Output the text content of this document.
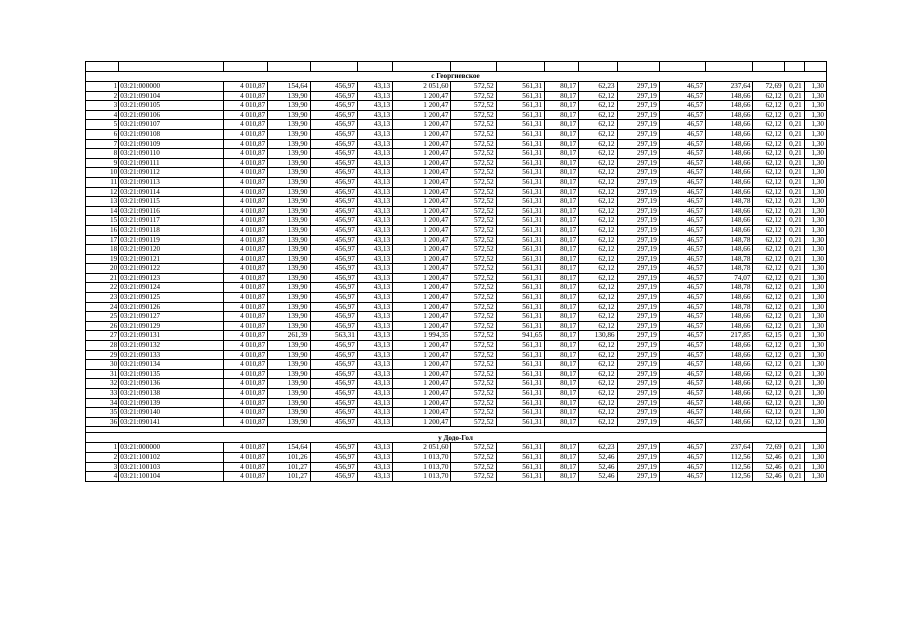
с Георгиевское																
1	03:21:000000	4 010,87	154,64	456,97	43,13	2 051,60	572,52	561,31	80,17	62,23	297,19	46,57	237,64	72,69	0,21	1,30
2	03:21:090104	4 010,87	139,90	456,97	43,13	1 200,47	572,52	561,31	80,17	62,12	297,19	46,57	148,66	62,12	0,21	1,30
3	03:21:090105	4 010,87	139,90	456,97	43,13	1 200,47	572,52	561,31	80,17	62,12	297,19	46,57	148,66	62,12	0,21	1,30
4	03:21:090106	4 010,87	139,90	456,97	43,13	1 200,47	572,52	561,31	80,17	62,12	297,19	46,57	148,66	62,12	0,21	1,30
5	03:21:090107	4 010,87	139,90	456,97	43,13	1 200,47	572,52	561,31	80,17	62,12	297,19	46,57	148,66	62,12	0,21	1,30
6	03:21:090108	4 010,87	139,90	456,97	43,13	1 200,47	572,52	561,31	80,17	62,12	297,19	46,57	148,66	62,12	0,21	1,30
7	03:21:090109	4 010,87	139,90	456,97	43,13	1 200,47	572,52	561,31	80,17	62,12	297,19	46,57	148,66	62,12	0,21	1,30
8	03:21:090110	4 010,87	139,90	456,97	43,13	1 200,47	572,52	561,31	80,17	62,12	297,19	46,57	148,66	62,12	0,21	1,30
9	03:21:090111	4 010,87	139,90	456,97	43,13	1 200,47	572,52	561,31	80,17	62,12	297,19	46,57	148,66	62,12	0,21	1,30
10	03:21:090112	4 010,87	139,90	456,97	43,13	1 200,47	572,52	561,31	80,17	62,12	297,19	46,57	148,66	62,12	0,21	1,30
11	03:21:090113	4 010,87	139,90	456,97	43,13	1 200,47	572,52	561,31	80,17	62,12	297,19	46,57	148,66	62,12	0,21	1,30
12	03:21:090114	4 010,87	139,90	456,97	43,13	1 200,47	572,52	561,31	80,17	62,12	297,19	46,57	148,66	62,12	0,21	1,30
13	03:21:090115	4 010,87	139,90	456,97	43,13	1 200,47	572,52	561,31	80,17	62,12	297,19	46,57	148,78	62,12	0,21	1,30
14	03:21:090116	4 010,87	139,90	456,97	43,13	1 200,47	572,52	561,31	80,17	62,12	297,19	46,57	148,66	62,12	0,21	1,30
15	03:21:090117	4 010,87	139,90	456,97	43,13	1 200,47	572,52	561,31	80,17	62,12	297,19	46,57	148,66	62,12	0,21	1,30
16	03:21:090118	4 010,87	139,90	456,97	43,13	1 200,47	572,52	561,31	80,17	62,12	297,19	46,57	148,66	62,12	0,21	1,30
17	03:21:090119	4 010,87	139,90	456,97	43,13	1 200,47	572,52	561,31	80,17	62,12	297,19	46,57	148,78	62,12	0,21	1,30
18	03:21:090120	4 010,87	139,90	456,97	43,13	1 200,47	572,52	561,31	80,17	62,12	297,19	46,57	148,66	62,12	0,21	1,30
19	03:21:090121	4 010,87	139,90	456,97	43,13	1 200,47	572,52	561,31	80,17	62,12	297,19	46,57	148,78	62,12	0,21	1,30
20	03:21:090122	4 010,87	139,90	456,97	43,13	1 200,47	572,52	561,31	80,17	62,12	297,19	46,57	148,78	62,12	0,21	1,30
21	03:21:090123	4 010,87	139,90	456,97	43,13	1 200,47	572,52	561,31	80,17	62,12	297,19	46,57	74,07	62,12	0,21	1,30
22	03:21:090124	4 010,87	139,90	456,97	43,13	1 200,47	572,52	561,31	80,17	62,12	297,19	46,57	148,78	62,12	0,21	1,30
23	03:21:090125	4 010,87	139,90	456,97	43,13	1 200,47	572,52	561,31	80,17	62,12	297,19	46,57	148,66	62,12	0,21	1,30
24	03:21:090126	4 010,87	139,90	456,97	43,13	1 200,47	572,52	561,31	80,17	62,12	297,19	46,57	148,78	62,12	0,21	1,30
25	03:21:090127	4 010,87	139,90	456,97	43,13	1 200,47	572,52	561,31	80,17	62,12	297,19	46,57	148,66	62,12	0,21	1,30
26	03:21:090129	4 010,87	139,90	456,97	43,13	1 200,47	572,52	561,31	80,17	62,12	297,19	46,57	148,66	62,12	0,21	1,30
27	03:21:090131	4 010,87	261,39	563,31	43,13	1 994,35	572,52	941,65	80,17	130,86	297,19	46,57	217,85	62,15	0,21	1,30
28	03:21:090132	4 010,87	139,90	456,97	43,13	1 200,47	572,52	561,31	80,17	62,12	297,19	46,57	148,66	62,12	0,21	1,30
29	03:21:090133	4 010,87	139,90	456,97	43,13	1 200,47	572,52	561,31	80,17	62,12	297,19	46,57	148,66	62,12	0,21	1,30
30	03:21:090134	4 010,87	139,90	456,97	43,13	1 200,47	572,52	561,31	80,17	62,12	297,19	46,57	148,66	62,12	0,21	1,30
31	03:21:090135	4 010,87	139,90	456,97	43,13	1 200,47	572,52	561,31	80,17	62,12	297,19	46,57	148,66	62,12	0,21	1,30
32	03:21:090136	4 010,87	139,90	456,97	43,13	1 200,47	572,52	561,31	80,17	62,12	297,19	46,57	148,66	62,12	0,21	1,30
33	03:21:090138	4 010,87	139,90	456,97	43,13	1 200,47	572,52	561,31	80,17	62,12	297,19	46,57	148,66	62,12	0,21	1,30
34	03:21:090139	4 010,87	139,90	456,97	43,13	1 200,47	572,52	561,31	80,17	62,12	297,19	46,57	148,66	62,12	0,21	1,30
35	03:21:090140	4 010,87	139,90	456,97	43,13	1 200,47	572,52	561,31	80,17	62,12	297,19	46,57	148,66	62,12	0,21	1,30
36	03:21:090141	4 010,87	139,90	456,97	43,13	1 200,47	572,52	561,31	80,17	62,12	297,19	46,57	148,66	62,12	0,21	1,30

у Додо-Гол																
1	03:21:000000	4 010,87	154,64	456,97	43,13	2 051,60	572,52	561,31	80,17	62,23	297,19	46,57	237,64	72,69	0,21	1,30
2	03:21:100102	4 010,87	101,26	456,97	43,13	1 013,70	572,52	561,31	80,17	52,46	297,19	46,57	112,56	52,46	0,21	1,30
3	03:21:100103	4 010,87	101,27	456,97	43,13	1 013,70	572,52	561,31	80,17	52,46	297,19	46,57	112,56	52,46	0,21	1,30
4	03:21:100104	4 010,87	101,27	456,97	43,13	1 013,70	572,52	561,31	80,17	52,46	297,19	46,57	112,56	52,46	0,21	1,30
